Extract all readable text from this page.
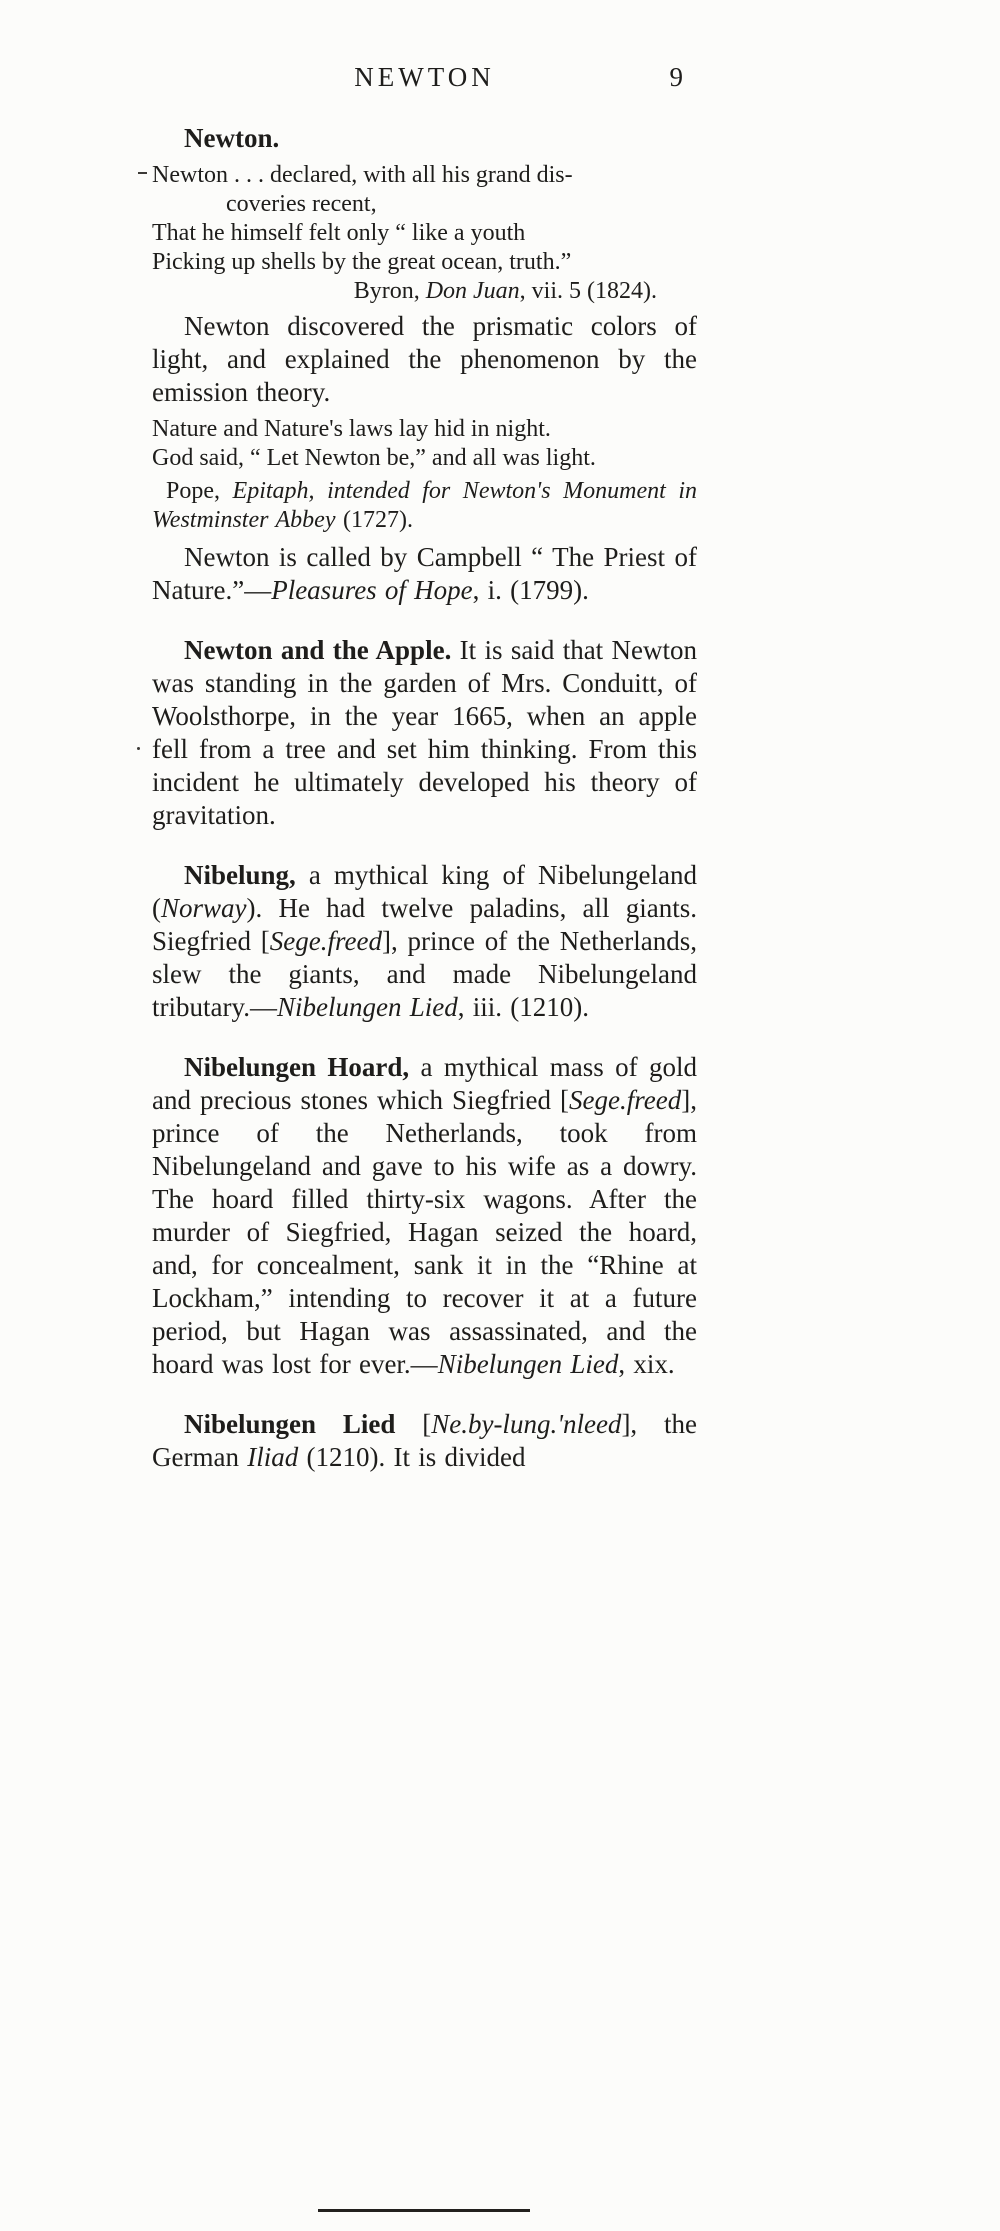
NEWTON	9
Newton.
Newton . . . declared, with all his grand dis-
coveries recent,
That he himself felt only “ like a youth
Picking up shells by the great ocean, truth.”
Byron, Don Juan, vii. 5 (1824).
Newton discovered the prismatic colors of light, and explained the phenomenon by the emission theory.
Nature and Nature's laws lay hid in night.
God said, “ Let Newton be,” and all was light.
Pope, Epitaph, intended for Newton's Monument in Westminster Abbey (1727).
Newton is called by Campbell “ The Priest of Nature.”—Pleasures of Hope, i. (1799).
Newton and the Apple. It is said that Newton was standing in the garden of Mrs. Conduitt, of Woolsthorpe, in the year 1665, when an apple fell from a tree and set him thinking. From this incident he ultimately developed his theory of gravitation.
Nibelung, a mythical king of Nibelungeland (Norway). He had twelve paladins, all giants. Siegfried [Sege.freed], prince of the Netherlands, slew the giants, and made Nibelungeland tributary.—Nibelungen Lied, iii. (1210).
Nibelungen Hoard, a mythical mass of gold and precious stones which Siegfried [Sege.freed], prince of the Netherlands, took from Nibelungeland and gave to his wife as a dowry. The hoard filled thirty-six wagons. After the murder of Siegfried, Hagan seized the hoard, and, for concealment, sank it in the “Rhine at Lockham,” intending to recover it at a future period, but Hagan was assassinated, and the hoard was lost for ever.—Nibelungen Lied, xix.
Nibelungen Lied [Ne.by-lung.'nleed], the German Iliad (1210). It is divided
